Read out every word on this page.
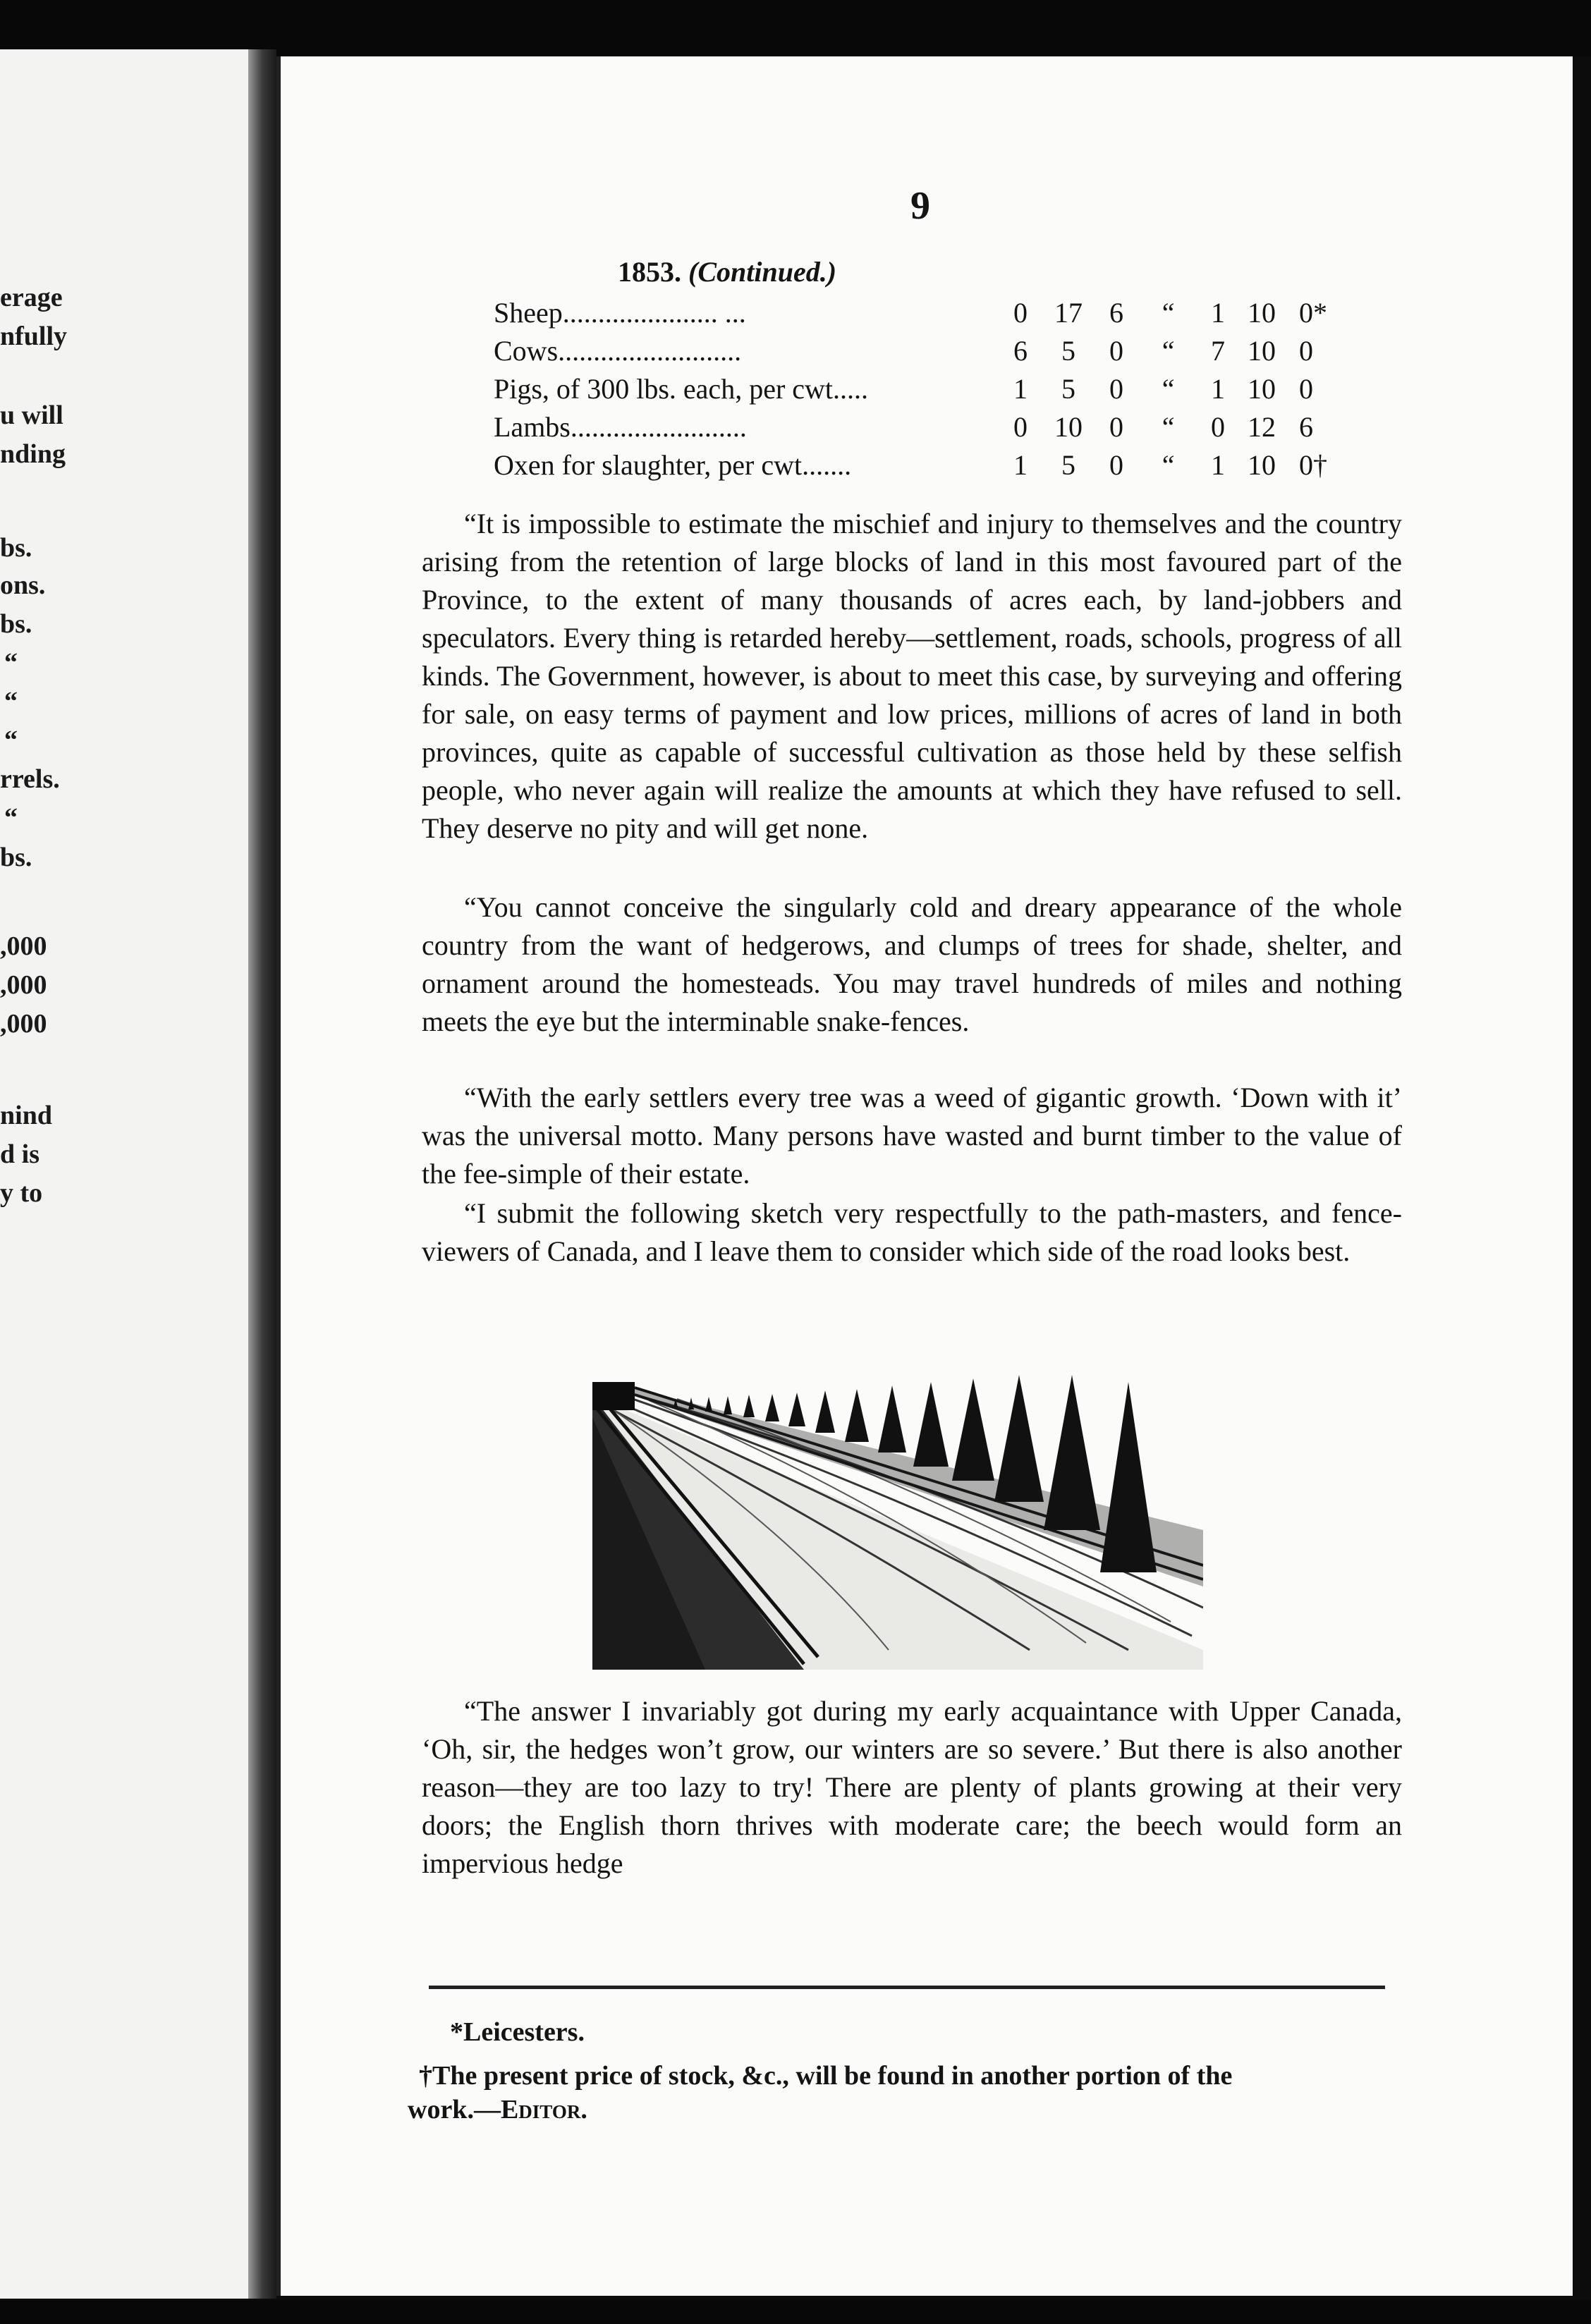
erage
nfully
u will
nding
bs.
ons.
bs.
“
“
“
rrels.
“
bs.
,000
,000
,000
nind
d is
y to
9
1853. (Continued.)
Sheep...................... ...	0 17 6 “ 1 10 0*
Cows..........................	6	5	0 “ 7 10 0
Pigs, of 300 lbs. each, per cwt.....	1	5	0 “ 1 10 0
Lambs.........................	0 10 0 “ 0 12 6
Oxen for slaughter, per cwt.......	1	5	0 “ 1 10 0†

“It is impossible to estimate the mischief and injury to themselves and the country arising from the retention of large blocks of land in this most favoured part of the Province, to the extent of many thousands of acres each, by land-jobbers and speculators. Every thing is retarded hereby—settlement, roads, schools, progress of all kinds. The Government, however, is about to meet this case, by surveying and offering for sale, on easy terms of payment and low prices, millions of acres of land in both provinces, quite as capable of successful cultivation as those held by these selfish people, who never again will realize the amounts at which they have refused to sell. They deserve no pity and will get none.

“You cannot conceive the singularly cold and dreary appearance of the whole country from the want of hedgerows, and clumps of trees for shade, shelter, and ornament around the homesteads. You may travel hundreds of miles and nothing meets the eye but the interminable snake-fences.

“With the early settlers every tree was a weed of gigantic growth. ‘Down with it’ was the universal motto. Many persons have wasted and burnt timber to the value of the fee-simple of their estate.

“I submit the following sketch very respectfully to the path-masters, and fence-viewers of Canada, and I leave them to consider which side of the road looks best.

“The answer I invariably got during my early acquaintance with Upper Canada, ‘Oh, sir, the hedges won’t grow, our winters are so severe.’ But there is also another reason—they are too lazy to try! There are plenty of plants growing at their very doors; the English thorn thrives with moderate care; the beech would form an impervious hedge

*Leicesters.
†The present price of stock, &c., will be found in another portion of the
work.—Editor.
